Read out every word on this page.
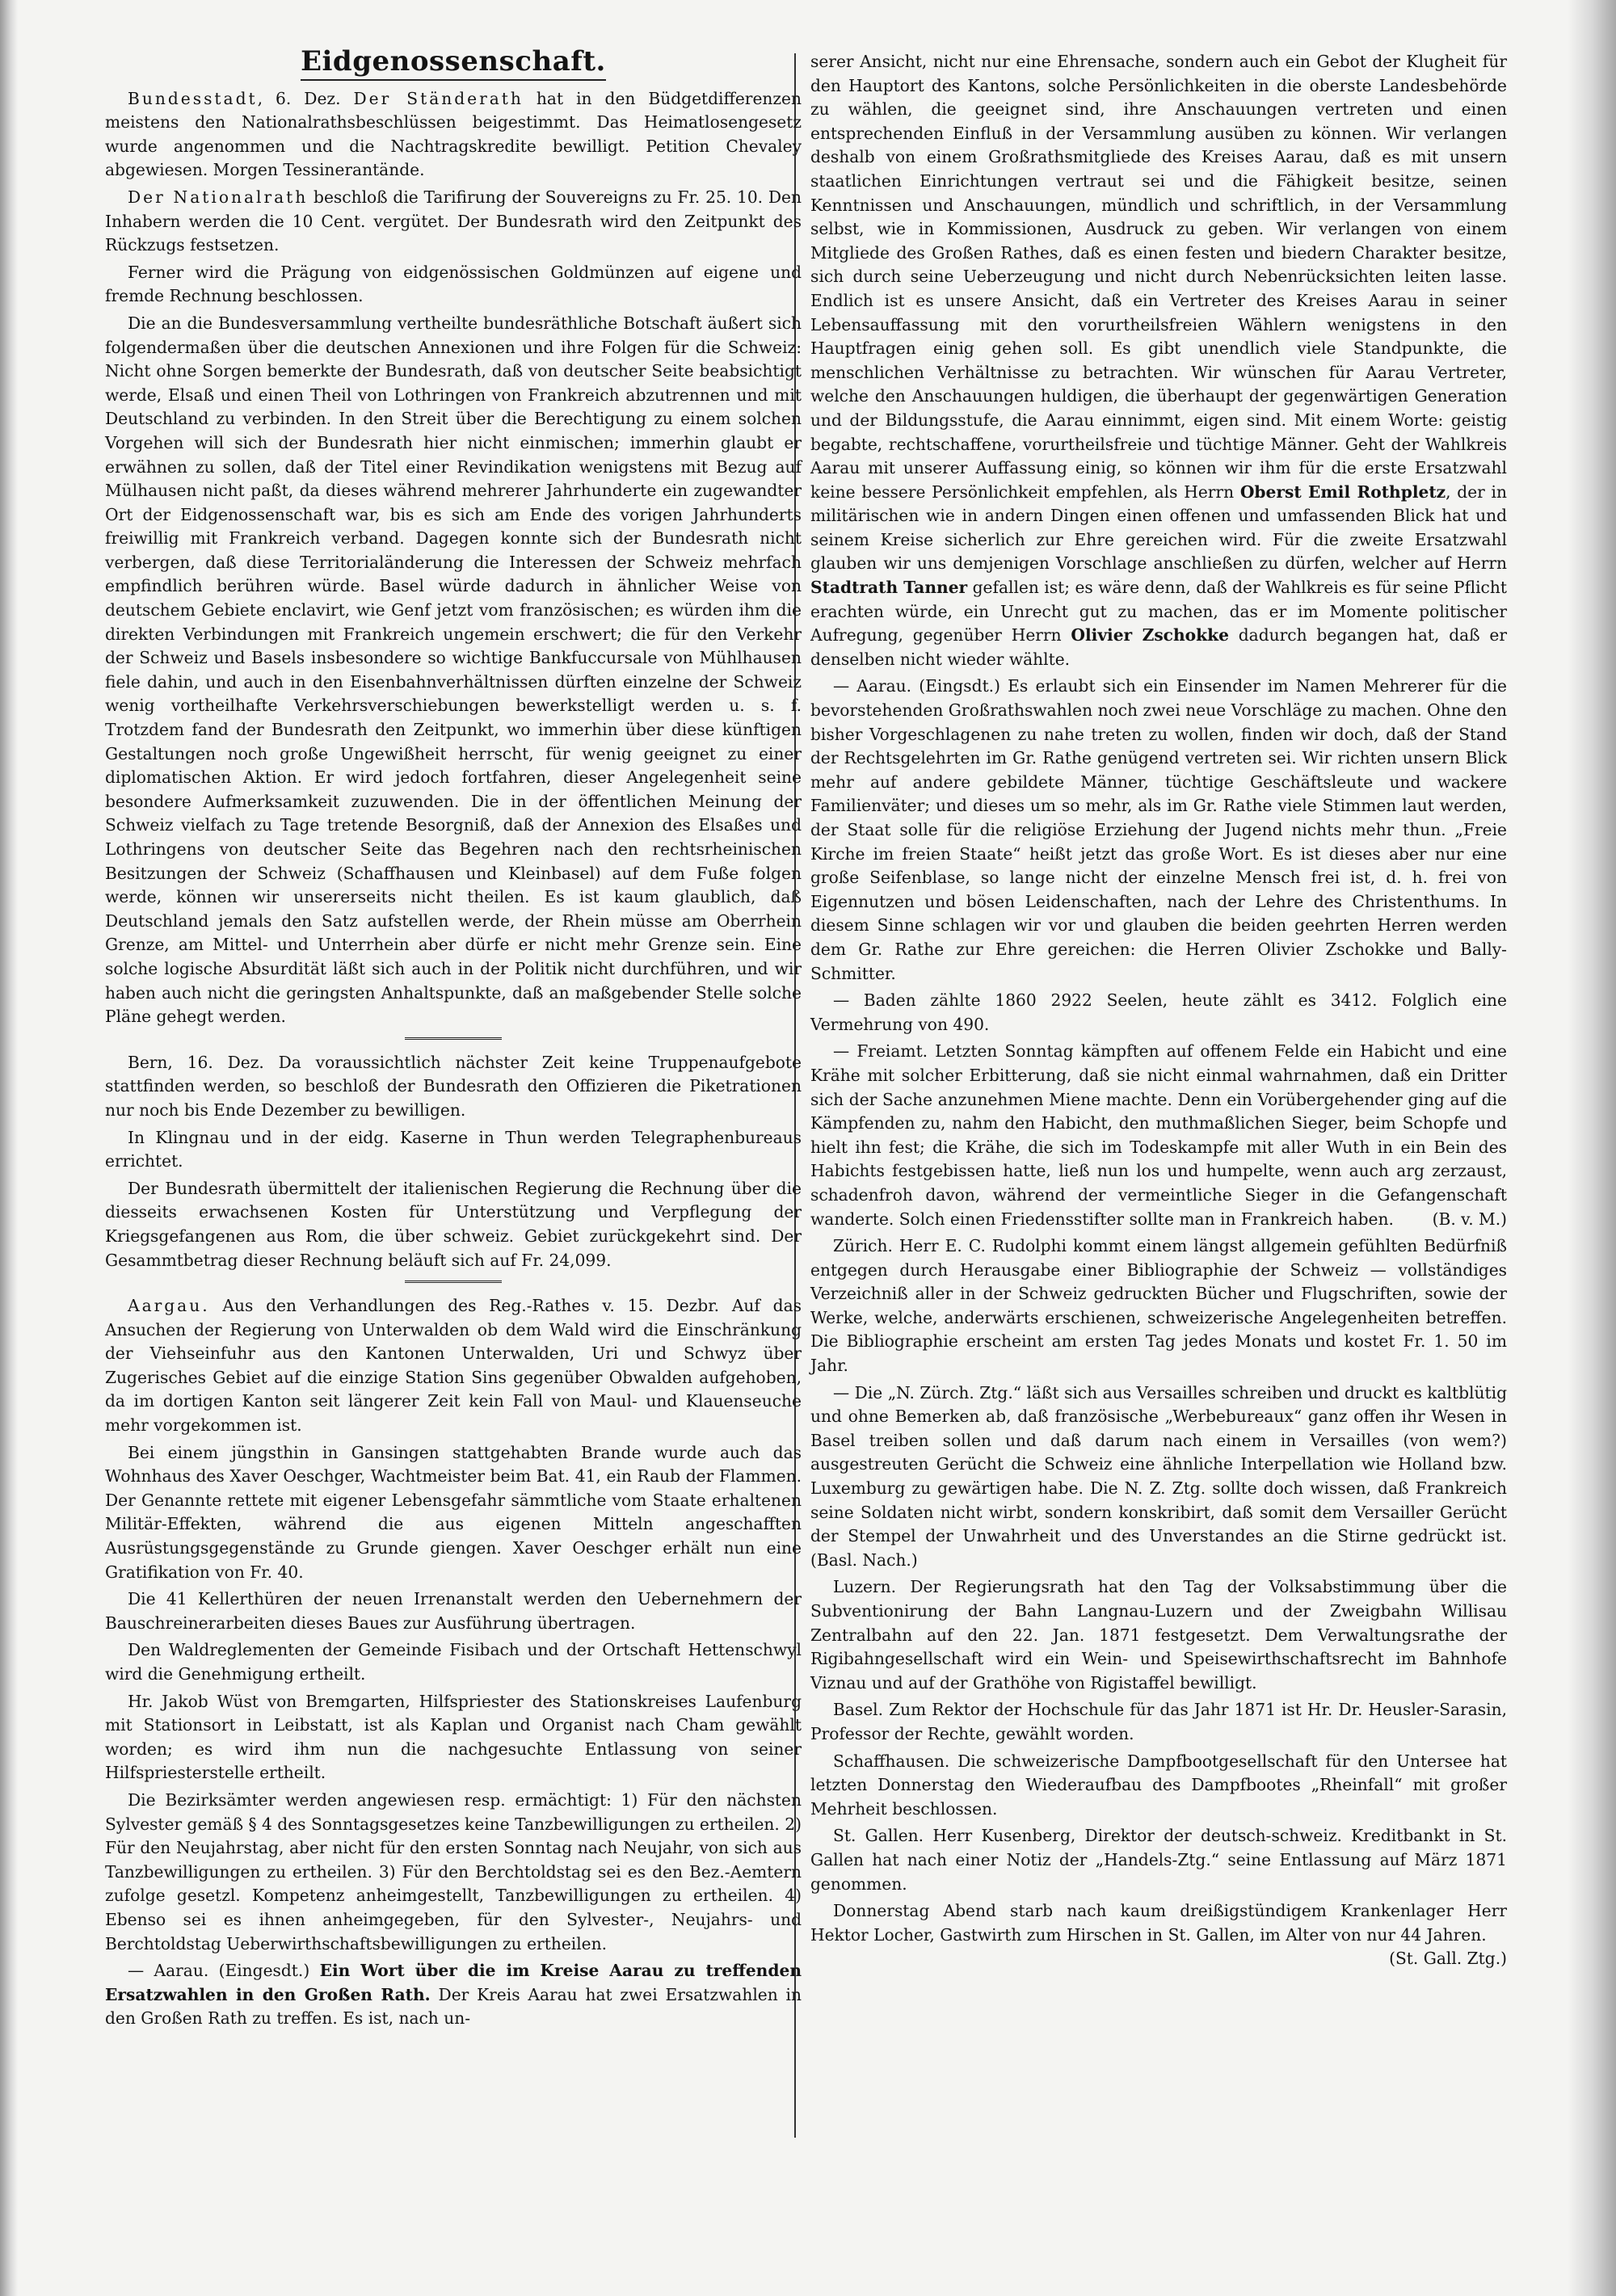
Eidgenossenschaft.

Bundesstadt, 6. Dez. Der Ständerath hat in den Büdgetdifferenzen meistens den Nationalrathsbeschlüssen beigestimmt. Das Heimatlosengesetz wurde angenommen und die Nachtragskredite bewilligt. Petition Chevaley abgewiesen. Morgen Tessinerantände.

Der Nationalrath beschloß die Tarifirung der Souvereigns zu Fr. 25. 10. Den Inhabern werden die 10 Cent. vergütet. Der Bundesrath wird den Zeitpunkt des Rückzugs festsetzen.

Ferner wird die Prägung von eidgenössischen Goldmünzen auf eigene und fremde Rechnung beschlossen.

Die an die Bundesversammlung vertheilte bundesräthliche Botschaft äußert sich folgendermaßen über die deutschen Annexionen und ihre Folgen für die Schweiz: Nicht ohne Sorgen bemerkte der Bundesrath, daß von deutscher Seite beabsichtigt werde, Elsaß und einen Theil von Lothringen von Frankreich abzutrennen und mit Deutschland zu verbinden. In den Streit über die Berechtigung zu einem solchen Vorgehen will sich der Bundesrath hier nicht einmischen; immerhin glaubt er erwähnen zu sollen, daß der Titel einer Revindikation wenigstens mit Bezug auf Mülhausen nicht paßt, da dieses während mehrerer Jahrhunderte ein zugewandter Ort der Eidgenossenschaft war, bis es sich am Ende des vorigen Jahrhunderts freiwillig mit Frankreich verband. Dagegen konnte sich der Bundesrath nicht verbergen, daß diese Territorialänderung die Interessen der Schweiz mehrfach empfindlich berühren würde. Basel würde dadurch in ähnlicher Weise von deutschem Gebiete enclavirt, wie Genf jetzt vom französischen; es würden ihm die direkten Verbindungen mit Frankreich ungemein erschwert; die für den Verkehr der Schweiz und Basels insbesondere so wichtige Bankfuccursale von Mühlhausen fiele dahin, und auch in den Eisenbahnverhältnissen dürften einzelne der Schweiz wenig vortheilhafte Verkehrsverschiebungen bewerkstelligt werden u. s. f. Trotzdem fand der Bundesrath den Zeitpunkt, wo immerhin über diese künftigen Gestaltungen noch große Ungewißheit herrscht, für wenig geeignet zu einer diplomatischen Aktion. Er wird jedoch fortfahren, dieser Angelegenheit seine besondere Aufmerksamkeit zuzuwenden. Die in der öffentlichen Meinung der Schweiz vielfach zu Tage tretende Besorgniß, daß der Annexion des Elsaßes und Lothringens von deutscher Seite das Begehren nach den rechtsrheinischen Besitzungen der Schweiz (Schaffhausen und Kleinbasel) auf dem Fuße folgen werde, können wir unsererseits nicht theilen. Es ist kaum glaublich, daß Deutschland jemals den Satz aufstellen werde, der Rhein müsse am Oberrhein Grenze, am Mittel- und Unterrhein aber dürfe er nicht mehr Grenze sein. Eine solche logische Absurdität läßt sich auch in der Politik nicht durchführen, und wir haben auch nicht die geringsten Anhaltspunkte, daß an maßgebender Stelle solche Pläne gehegt werden.

Bern, 16. Dez. Da voraussichtlich nächster Zeit keine Truppenaufgebote stattfinden werden, so beschloß der Bundesrath den Offizieren die Piketrationen nur noch bis Ende Dezember zu bewilligen.

In Klingnau und in der eidg. Kaserne in Thun werden Telegraphenbureaus errichtet.

Der Bundesrath übermittelt der italienischen Regierung die Rechnung über die diesseits erwachsenen Kosten für Unterstützung und Verpflegung der Kriegsgefangenen aus Rom, die über schweiz. Gebiet zurückgekehrt sind. Der Gesammtbetrag dieser Rechnung beläuft sich auf Fr. 24,099.

Aargau. Aus den Verhandlungen des Reg.-Rathes v. 15. Dezbr. Auf das Ansuchen der Regierung von Unterwalden ob dem Wald wird die Einschränkung der Viehseinfuhr aus den Kantonen Unterwalden, Uri und Schwyz über Zugerisches Gebiet auf die einzige Station Sins gegenüber Obwalden aufgehoben, da im dortigen Kanton seit längerer Zeit kein Fall von Maul- und Klauenseuche mehr vorgekommen ist.

Bei einem jüngsthin in Gansingen stattgehabten Brande wurde auch das Wohnhaus des Xaver Oeschger, Wachtmeister beim Bat. 41, ein Raub der Flammen. Der Genannte rettete mit eigener Lebensgefahr sämmtliche vom Staate erhaltenen Militär-Effekten, während die aus eigenen Mitteln angeschafften Ausrüstungsgegenstände zu Grunde giengen. Xaver Oeschger erhält nun eine Gratifikation von Fr. 40.

Die 41 Kellerthüren der neuen Irrenanstalt werden den Uebernehmern der Bauschreinerarbeiten dieses Baues zur Ausführung übertragen.

Den Waldreglementen der Gemeinde Fisibach und der Ortschaft Hettenschwyl wird die Genehmigung ertheilt.

Hr. Jakob Wüst von Bremgarten, Hilfspriester des Stationskreises Laufenburg mit Stationsort in Leibstatt, ist als Kaplan und Organist nach Cham gewählt worden; es wird ihm nun die nachgesuchte Entlassung von seiner Hilfspriesterstelle ertheilt.

Die Bezirksämter werden angewiesen resp. ermächtigt: 1) Für den nächsten Sylvester gemäß § 4 des Sonntagsgesetzes keine Tanzbewilligungen zu ertheilen. 2) Für den Neujahrstag, aber nicht für den ersten Sonntag nach Neujahr, von sich aus Tanzbewilligungen zu ertheilen. 3) Für den Berchtoldstag sei es den Bez.-Aemtern zufolge gesetzl. Kompetenz anheimgestellt, Tanzbewilligungen zu ertheilen. 4) Ebenso sei es ihnen anheimgegeben, für den Sylvester-, Neujahrs- und Berchtoldstag Ueberwirthschaftsbewilligungen zu ertheilen.

— Aarau. (Eingesdt.) Ein Wort über die im Kreise Aarau zu treffenden Ersatzwahlen in den Großen Rath. Der Kreis Aarau hat zwei Ersatzwahlen in den Großen Rath zu treffen. Es ist, nach un-

serer Ansicht, nicht nur eine Ehrensache, sondern auch ein Gebot der Klugheit für den Hauptort des Kantons, solche Persönlichkeiten in die oberste Landesbehörde zu wählen, die geeignet sind, ihre Anschauungen vertreten und einen entsprechenden Einfluß in der Versammlung ausüben zu können. Wir verlangen deshalb von einem Großrathsmitgliede des Kreises Aarau, daß es mit unsern staatlichen Einrichtungen vertraut sei und die Fähigkeit besitze, seinen Kenntnissen und Anschauungen, mündlich und schriftlich, in der Versammlung selbst, wie in Kommissionen, Ausdruck zu geben. Wir verlangen von einem Mitgliede des Großen Rathes, daß es einen festen und biedern Charakter besitze, sich durch seine Ueberzeugung und nicht durch Nebenrücksichten leiten lasse. Endlich ist es unsere Ansicht, daß ein Vertreter des Kreises Aarau in seiner Lebensauffassung mit den vorurtheilsfreien Wählern wenigstens in den Hauptfragen einig gehen soll. Es gibt unendlich viele Standpunkte, die menschlichen Verhältnisse zu betrachten. Wir wünschen für Aarau Vertreter, welche den Anschauungen huldigen, die überhaupt der gegenwärtigen Generation und der Bildungsstufe, die Aarau einnimmt, eigen sind. Mit einem Worte: geistig begabte, rechtschaffene, vorurtheilsfreie und tüchtige Männer. Geht der Wahlkreis Aarau mit unserer Auffassung einig, so können wir ihm für die erste Ersatzwahl keine bessere Persönlichkeit empfehlen, als Herrn Oberst Emil Rothpletz, der in militärischen wie in andern Dingen einen offenen und umfassenden Blick hat und seinem Kreise sicherlich zur Ehre gereichen wird. Für die zweite Ersatzwahl glauben wir uns demjenigen Vorschlage anschließen zu dürfen, welcher auf Herrn Stadtrath Tanner gefallen ist; es wäre denn, daß der Wahlkreis es für seine Pflicht erachten würde, ein Unrecht gut zu machen, das er im Momente politischer Aufregung, gegenüber Herrn Olivier Zschokke dadurch begangen hat, daß er denselben nicht wieder wählte.

— Aarau. (Eingsdt.) Es erlaubt sich ein Einsender im Namen Mehrerer für die bevorstehenden Großrathswahlen noch zwei neue Vorschläge zu machen. Ohne den bisher Vorgeschlagenen zu nahe treten zu wollen, finden wir doch, daß der Stand der Rechtsgelehrten im Gr. Rathe genügend vertreten sei. Wir richten unsern Blick mehr auf andere gebildete Männer, tüchtige Geschäftsleute und wackere Familienväter; und dieses um so mehr, als im Gr. Rathe viele Stimmen laut werden, der Staat solle für die religiöse Erziehung der Jugend nichts mehr thun. „Freie Kirche im freien Staate“ heißt jetzt das große Wort. Es ist dieses aber nur eine große Seifenblase, so lange nicht der einzelne Mensch frei ist, d. h. frei von Eigennutzen und bösen Leidenschaften, nach der Lehre des Christenthums. In diesem Sinne schlagen wir vor und glauben die beiden geehrten Herren werden dem Gr. Rathe zur Ehre gereichen: die Herren Olivier Zschokke und Bally-Schmitter.

— Baden zählte 1860 2922 Seelen, heute zählt es 3412. Folglich eine Vermehrung von 490.

— Freiamt. Letzten Sonntag kämpften auf offenem Felde ein Habicht und eine Krähe mit solcher Erbitterung, daß sie nicht einmal wahrnahmen, daß ein Dritter sich der Sache anzunehmen Miene machte. Denn ein Vorübergehender ging auf die Kämpfenden zu, nahm den Habicht, den muthmaßlichen Sieger, beim Schopfe und hielt ihn fest; die Krähe, die sich im Todeskampfe mit aller Wuth in ein Bein des Habichts festgebissen hatte, ließ nun los und humpelte, wenn auch arg zerzaust, schadenfroh davon, während der vermeintliche Sieger in die Gefangenschaft wanderte. Solch einen Friedensstifter sollte man in Frankreich haben.	(B. v. M.)

Zürich. Herr E. C. Rudolphi kommt einem längst allgemein gefühlten Bedürfniß entgegen durch Herausgabe einer Bibliographie der Schweiz — vollständiges Verzeichniß aller in der Schweiz gedruckten Bücher und Flugschriften, sowie der Werke, welche, anderwärts erschienen, schweizerische Angelegenheiten betreffen. Die Bibliographie erscheint am ersten Tag jedes Monats und kostet Fr. 1. 50 im Jahr.

— Die „N. Zürch. Ztg.“ läßt sich aus Versailles schreiben und druckt es kaltblütig und ohne Bemerken ab, daß französische „Werbebureaux“ ganz offen ihr Wesen in Basel treiben sollen und daß darum nach einem in Versailles (von wem?) ausgestreuten Gerücht die Schweiz eine ähnliche Interpellation wie Holland bzw. Luxemburg zu gewärtigen habe. Die N. Z. Ztg. sollte doch wissen, daß Frankreich seine Soldaten nicht wirbt, sondern konskribirt, daß somit dem Versailler Gerücht der Stempel der Unwahrheit und des Unverstandes an die Stirne gedrückt ist. (Basl. Nach.)

Luzern. Der Regierungsrath hat den Tag der Volksabstimmung über die Subventionirung der Bahn Langnau-Luzern und der Zweigbahn Willisau Zentralbahn auf den 22. Jan. 1871 festgesetzt. Dem Verwaltungsrathe der Rigibahngesellschaft wird ein Wein- und Speisewirthschaftsrecht im Bahnhofe Viznau und auf der Grathöhe von Rigistaffel bewilligt.

Basel. Zum Rektor der Hochschule für das Jahr 1871 ist Hr. Dr. Heusler-Sarasin, Professor der Rechte, gewählt worden.

Schaffhausen. Die schweizerische Dampfbootgesellschaft für den Untersee hat letzten Donnerstag den Wiederaufbau des Dampfbootes „Rheinfall“ mit großer Mehrheit beschlossen.

St. Gallen. Herr Kusenberg, Direktor der deutsch-schweiz. Kreditbankt in St. Gallen hat nach einer Notiz der „Handels-Ztg.“ seine Entlassung auf März 1871 genommen.

Donnerstag Abend starb nach kaum dreißigstündigem Krankenlager Herr Hektor Locher, Gastwirth zum Hirschen in St. Gallen, im Alter von nur 44 Jahren.
(St. Gall. Ztg.)
